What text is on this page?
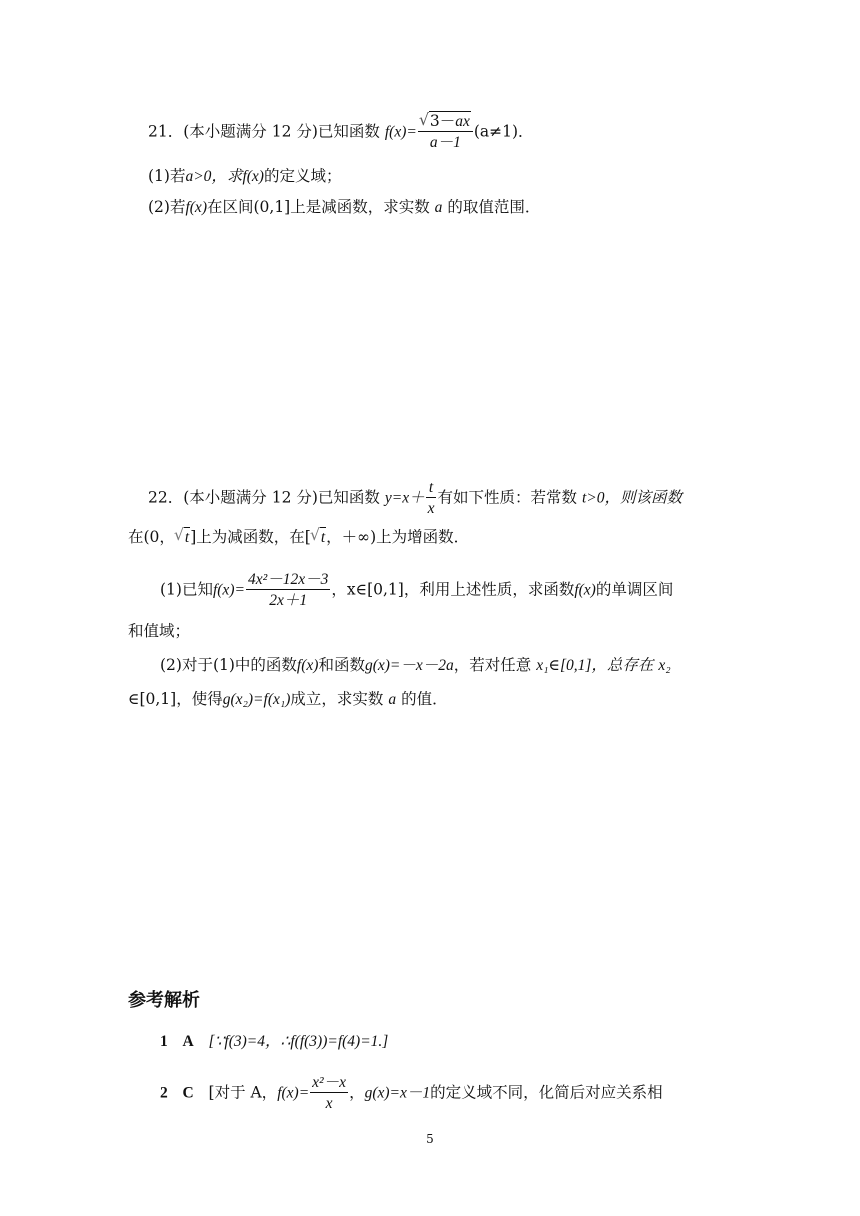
21．(本小题满分 12 分)已知函数 f(x)= √ $\frac{3-ax}{a-1} (a\ne 1)$．
(1)若a>0，求f(x)的定义域；
(2)若f(x)在区间(0,1]上是减函数，求实数 a 的取值范围．
22．(本小题满分 12 分)已知函数 $y=x+ \frac{t}{x}$ 有如下性质：若常数 t>0，则该函数
在(0， √ t]上为减函数，在[ √ t，＋∞)上为增函数．
(1)已知$f(x)= \frac{\text{4x²－12x－3}}{2x+1}$ ，x∈[0,1]，利用上述性质，求函数f(x)的单调区间
和值域；
(2)对于(1)中的函数f(x)和函数g(x)=－x－2a，若对任意 x₁∈[0,1]，总存在 x₂
∈[0,1]，使得g(x₂)=f(x₁)成立，求实数 a 的值．
参考解析
1 A [∵f(3)=4，∴f(f(3))=f(4)=1.]
2 C [对于 A，$f(x)= \frac{\text{x²－x}}{x}$ ，g(x)=x－1的定义域不同，化简后对应关系相
5
